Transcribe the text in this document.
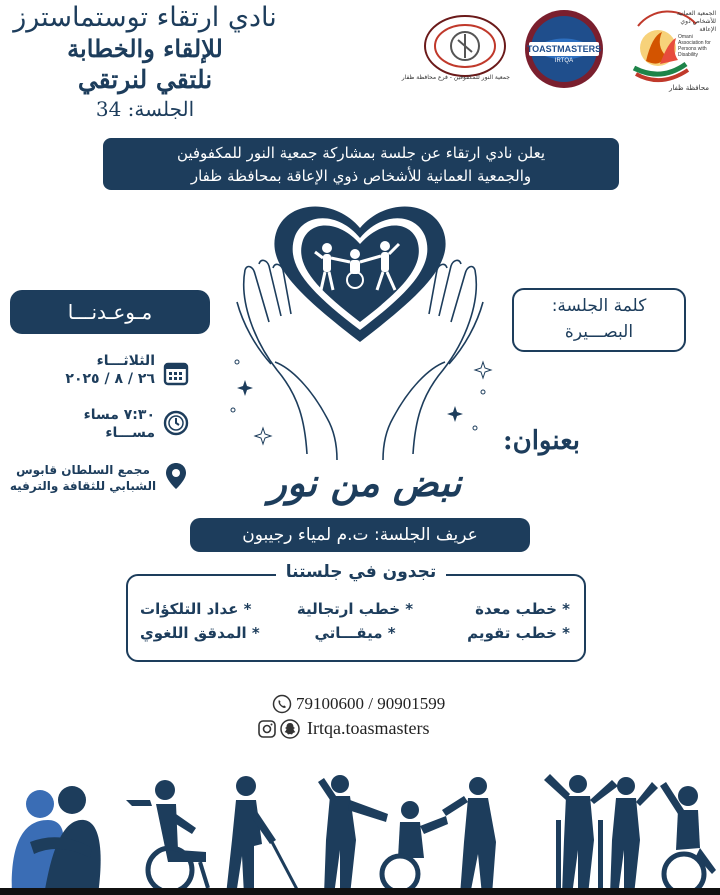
نادي ارتقاء توستماسترز
للإلقاء والخطابة
نلتقي لنرتقي
الجلسة: 34
جمعية النور للمكفوفين - فرع محافظة ظفار
TOASTMASTERS
IRTQA
الجمعية العمانية للأشخاص ذوي الإعاقة
Omani Association for Persons with Disability
محافظة ظفار
يعلن نادي ارتقاء عن جلسة بمشاركة جمعية النور للمكفوفين
والجمعية العمانية للأشخاص ذوي الإعاقة بمحافظة ظفار
مـوعـدنـــا
الثلاثـــاء
٢٦ / ٨ / ٢٠٢٥
٧:٣٠ مساء
مســـاء
مجمع السلطان قابوس
الشبابي للثقافة والترفيه
كلمة الجلسة:
البصـــيرة
بعنوان:
نبض من نور
عريف الجلسة: ت.م لمياء رجيبون
تجدون في جلستنا
* خطب معدة
* خطب ارتجالية
* عداد التلكؤات
* خطب تقويم
* ميقـــاتي
* المدقق اللغوي
79100600 / 90901599
Irtqa.toasmasters
